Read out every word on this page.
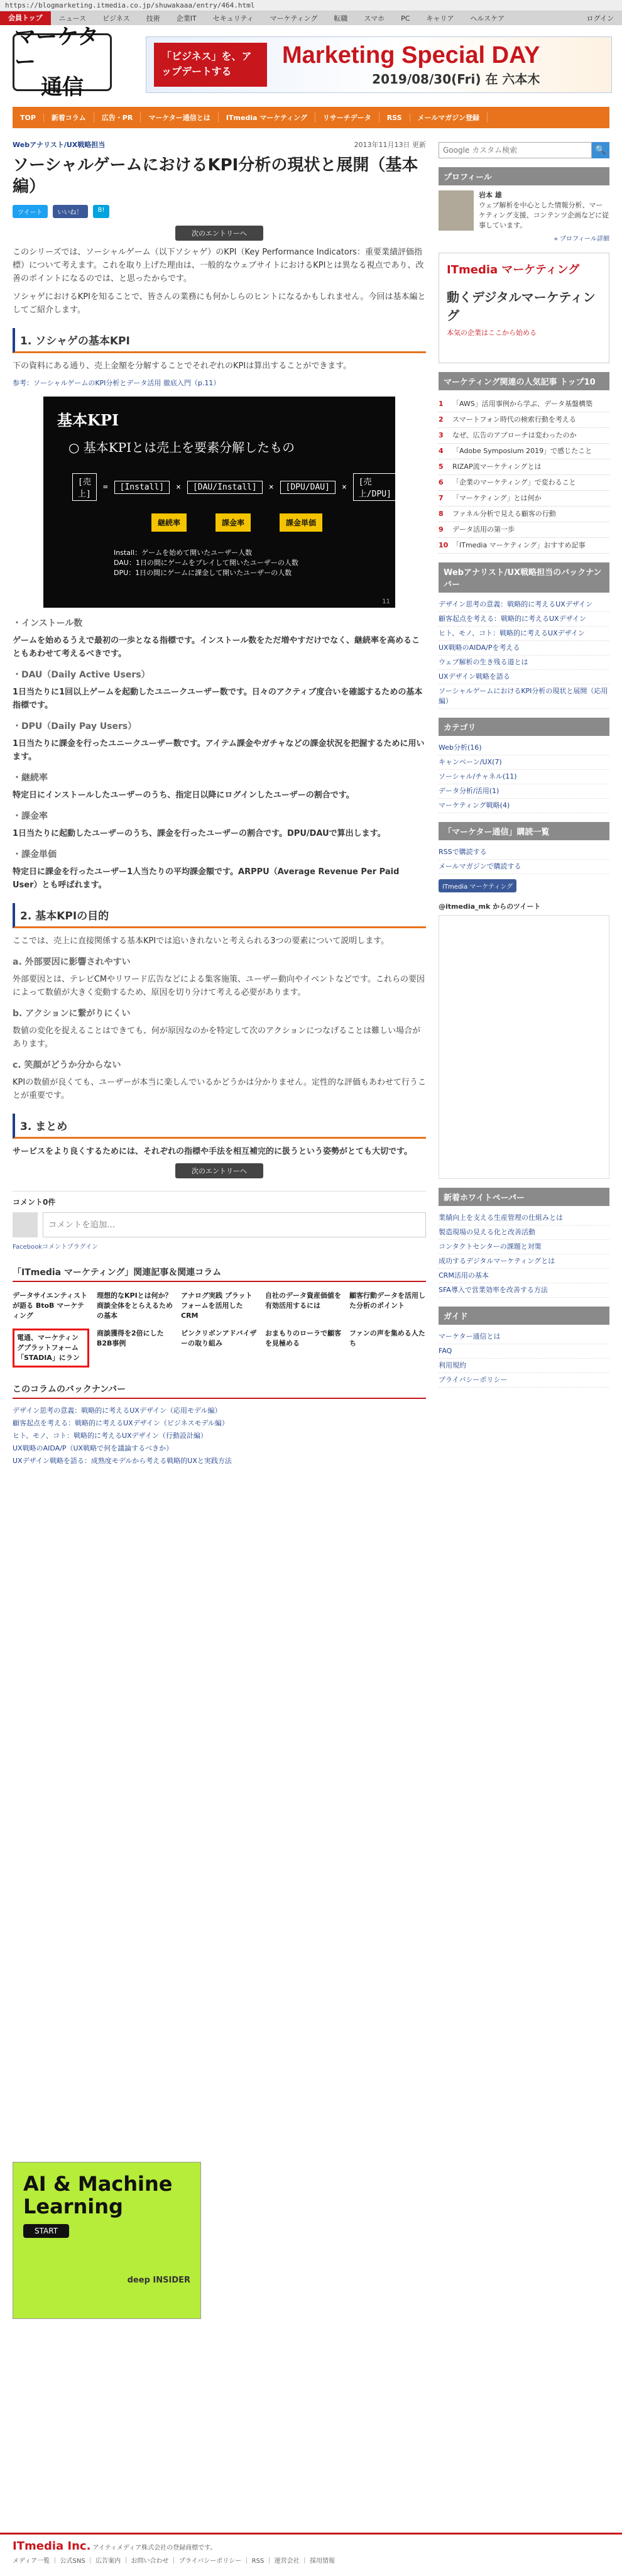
https://blogmarketing.itmedia.co.jp/shuwakaaa/entry/464.html
会員トップ	ニュース	ビジネス	技術	企業IT	セキュリティ	マーケティング	転職	スマホ	PC	キャリア	ヘルスケア	ログイン
マーケター
通信
「ビジネス」を、アップデートする
Marketing Special DAY
2019/08/30(Fri) 在 六本木
TOP	新着コラム	広告・PR	マーケター通信とは	ITmedia マーケティング	リサーチデータ	RSS	メールマガジン登録
Webアナリスト/UX戦略担当	2013年11月13日 更新
ソーシャルゲームにおけるKPI分析の現状と展開（基本編）
ツイート	いいね！	B!
次のエントリーへ

このシリーズでは、ソーシャルゲーム（以下ソシャゲ）のKPI（Key Performance Indicators：重要業績評価指標）について考えます。これを取り上げた理由は、一般的なウェブサイトにおけるKPIとは異なる視点であり、改善のポイントになるのでは、と思ったからです。

ソシャゲにおけるKPIを知ることで、皆さんの業務にも何かしらのヒントになるかもしれません。今回は基本編としてご紹介します。

1. ソシャゲの基本KPI

下の資料にある通り、売上金額を分解することでそれぞれのKPIは算出することができます。

参考：ソーシャルゲームのKPI分析とデータ活用 徹底入門（p.11）

基本KPI
○ 基本KPIとは売上を要素分解したもの
[売上]
=	[Install]	×	[DAU/Install]	×	[DPU/DAU]	×	[売上/DPU]
継続率	課金率	課金単価
Install：ゲームを始めて開いたユーザー人数
DAU：1日の間にゲームをプレイして開いたユーザーの人数
DPU：1日の間にゲームに課金して開いたユーザーの人数
11
・インストール数

ゲームを始めるうえで最初の一歩となる指標です。インストール数をただ増やすだけでなく、継続率を高めることもあわせて考えるべきです。

・DAU（Daily Active Users）

1日当たりに1回以上ゲームを起動したユニークユーザー数です。日々のアクティブ度合いを確認するための基本指標です。

・DPU（Daily Pay Users）

1日当たりに課金を行ったユニークユーザー数です。アイテム課金やガチャなどの課金状況を把握するために用います。

・継続率

特定日にインストールしたユーザーのうち、指定日以降にログインしたユーザーの割合です。

・課金率

1日当たりに起動したユーザーのうち、課金を行ったユーザーの割合です。DPU/DAUで算出します。

・課金単価

特定日に課金を行ったユーザー1人当たりの平均課金額です。ARPPU（Average Revenue Per Paid User）とも呼ばれます。

2. 基本KPIの目的

ここでは、売上に直接関係する基本KPIでは追いきれないと考えられる3つの要素について説明します。

a. 外部要因に影響されやすい

外部要因とは、テレビCMやリワード広告などによる集客施策、ユーザー動向やイベントなどです。これらの要因によって数値が大きく変動するため、原因を切り分けて考える必要があります。

b. アクションに繋がりにくい

数値の変化を捉えることはできても、何が原因なのかを特定して次のアクションにつなげることは難しい場合があります。

c. 笑顔がどうか分からない

KPIの数値が良くても、ユーザーが本当に楽しんでいるかどうかは分かりません。定性的な評価もあわせて行うことが重要です。

3. まとめ

サービスをより良くするためには、それぞれの指標や手法を相互補完的に扱うという姿勢がとても大切です。

次のエントリーへ
コメント0件
コメントを追加...
Facebookコメントプラグイン
「ITmedia マーケティング」関連記事＆関連コラム
データサイエンティストが語る BtoB マーケティング
理想的なKPIとは何か？ 商談全体をとらえるための基本
アナログ実践 プラットフォームを活用したCRM
自社のデータ資産価値を有効活用するには
顧客行動データを活用した分析のポイント
電通、マーケティングプラットフォーム「STADIA」にラン
商談獲得を2倍にしたB2B事例
ピンクリボンアドバイザーの取り組み
おまもりのローラで顧客を見極める
ファンの声を集める人たち
このコラムのバックナンバー
デザイン思考の意義：戦略的に考えるUXデザイン（応用モデル編）
顧客起点を考える：戦略的に考えるUXデザイン（ビジネスモデル編）
ヒト、モノ、コト：戦略的に考えるUXデザイン（行動設計編）
UX戦略のAIDA/P（UX戦略で何を議論するべきか）
UXデザイン戦略を語る：成熟度モデルから考える戦略的UXと実践方法
Google カスタム検索
🔍
プロフィール
岩本 雄
ウェブ解析を中心とした情報分析、マーケティング支援、コンテンツ企画などに従事しています。
» プロフィール詳細
ITmedia マーケティング
動くデジタルマーケティング
本気の企業はここから始める
マーケティング関連の人気記事 トップ10
1	「AWS」活用事例から学ぶ、データ基盤構築
2	スマートフォン時代の検索行動を考える
3	なぜ、広告のアプローチは変わったのか
4	「Adobe Symposium 2019」で感じたこと
5	RIZAP流マーケティングとは
6	「企業のマーケティング」で変わること
7	「マーケティング」とは何か
8	ファネル分析で見える顧客の行動
9	データ活用の第一歩
10 「ITmedia マーケティング」おすすめ記事
Webアナリスト/UX戦略担当のバックナンバー
デザイン思考の意義：戦略的に考えるUXデザイン
顧客起点を考える：戦略的に考えるUXデザイン
ヒト、モノ、コト：戦略的に考えるUXデザイン
UX戦略のAIDA/Pを考える
ウェブ解析の生き残る道とは
UXデザイン戦略を語る
ソーシャルゲームにおけるKPI分析の現状と展開（応用編）
カテゴリ
Web分析(16)
キャンペーン/UX(7)
ソーシャル/チャネル(11)
データ分析/活用(1)
マーケティング戦略(4)
「マーケター通信」購読一覧
RSSで購読する
メールマガジンで購読する
ITmedia マーケティング
@itmedia_mk からのツイート
新着ホワイトペーパー
業績向上を支える生産管理の仕組みとは
製造現場の見える化と改善活動
コンタクトセンターの課題と対策
成功するデジタルマーケティングとは
CRM活用の基本
SFA導入で営業効率を改善する方法
ガイド
マーケター通信とは
FAQ
利用規約
プライバシーポリシー
AI & Machine Learning
START
deep INSIDER
ITmedia Inc. アイティメディア株式会社の登録商標です。
メディア一覧 ｜ 公式SNS ｜ 広告案内 ｜ お問い合わせ ｜ プライバシーポリシー ｜ RSS ｜ 運営会社 ｜ 採用情報
